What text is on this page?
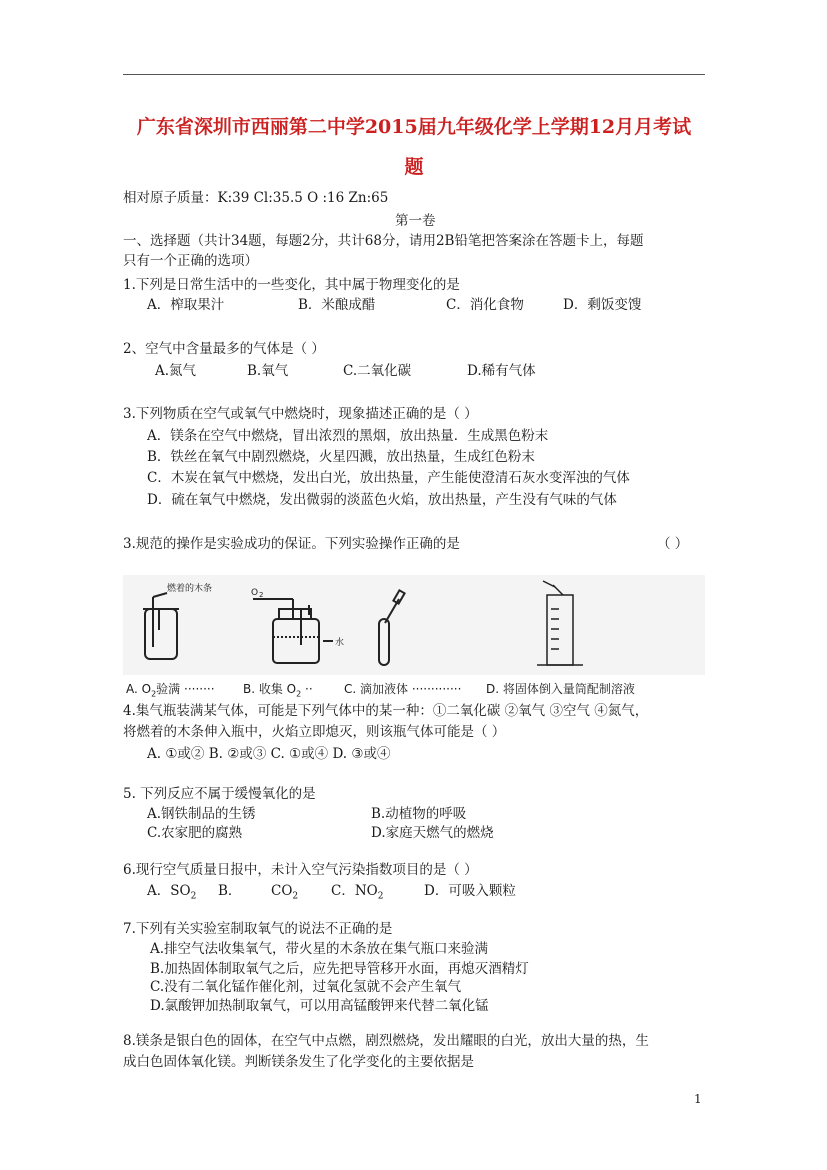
广东省深圳市西丽第二中学2015届九年级化学上学期12月月考试
题
相对原子质量：K:39 Cl:35.5 O :16 Zn:65
第一卷
一、选择题（共计34题，每题2分，共计68分，请用2B铅笔把答案涂在答题卡上，每题
只有一个正确的选项）
1.下列是日常生活中的一些变化，其中属于物理变化的是
A．榨取果汁	B．米酿成醋	C．消化食物	D．剩饭变馊
2、空气中含量最多的气体是（ ）
A.氮气	B.氧气	C.二氧化碳	D.稀有气体
3.下列物质在空气或氧气中燃烧时，现象描述正确的是（ ）
A．镁条在空气中燃烧，冒出浓烈的黑烟，放出热量．生成黑色粉末
B．铁丝在氧气中剧烈燃烧，火星四溅，放出热量，生成红色粉末
C．木炭在氧气中燃烧，发出白光，放出热量，产生能使澄清石灰水变浑浊的气体
D．硫在氧气中燃烧，发出微弱的淡蓝色火焰，放出热量，产生没有气味的气体
3.规范的操作是实验成功的保证。下列实验操作正确的是	（ ）
燃着的木条	O 2
水
A. $O_2$验满 ········ B. 收集 $O_2$ ··	C. 滴加液体 ············· D. 将固体倒入量筒配制溶液
4.集气瓶装满某气体，可能是下列气体中的某一种：①二氧化碳 ②氧气 ③空气 ④氮气，
将燃着的木条伸入瓶中，火焰立即熄灭，则该瓶气体可能是（ ）
A. ①或② B. ②或③ C. ①或④ D. ③或④
5. 下列反应不属于缓慢氧化的是
A.钢铁制品的生锈	B.动植物的呼吸
C.农家肥的腐熟	D.家庭天燃气的燃烧
6.现行空气质量日报中，未计入空气污染指数项目的是（ ）
A．$SO_2$ B． $CO_2$ C．$NO_2$	D．可吸入颗粒
7.下列有关实验室制取氧气的说法不正确的是
A.排空气法收集氧气，带火星的木条放在集气瓶口来验满
B.加热固体制取氧气之后，应先把导管移开水面，再熄灭酒精灯
C.没有二氧化锰作催化剂，过氧化氢就不会产生氧气
D.氯酸钾加热制取氧气，可以用高锰酸钾来代替二氧化锰
8.镁条是银白色的固体，在空气中点燃，剧烈燃烧，发出耀眼的白光，放出大量的热，生
成白色固体氧化镁。判断镁条发生了化学变化的主要依据是
1
